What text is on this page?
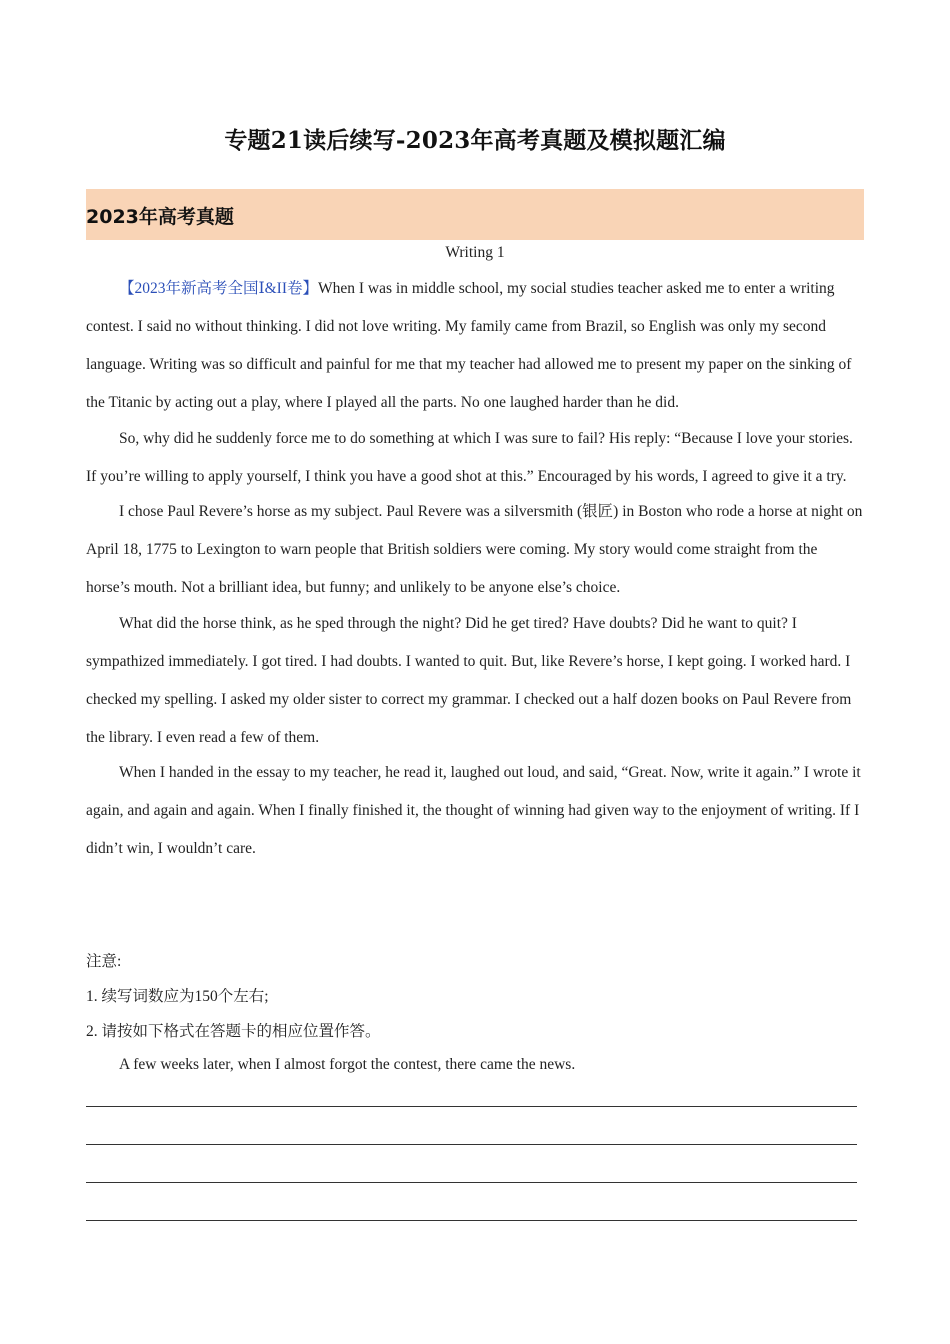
专题21读后续写-2023年高考真题及模拟题汇编
2023年高考真题
Writing 1

【2023年新高考全国Ⅰ&II卷】When I was in middle school, my social studies teacher asked me to enter a writing contest. I said no without thinking. I did not love writing. My family came from Brazil, so English was only my second language. Writing was so difficult and painful for me that my teacher had allowed me to present my paper on the sinking of the Titanic by acting out a play, where I played all the parts. No one laughed harder than he did.

So, why did he suddenly force me to do something at which I was sure to fail? His reply: “Because I love your stories. If you’re willing to apply yourself, I think you have a good shot at this.” Encouraged by his words, I agreed to give it a try.

I chose Paul Revere’s horse as my subject. Paul Revere was a silversmith (银匠) in Boston who rode a horse at night on April 18, 1775 to Lexington to warn people that British soldiers were coming. My story would come straight from the horse’s mouth. Not a brilliant idea, but funny; and unlikely to be anyone else’s choice.

What did the horse think, as he sped through the night? Did he get tired? Have doubts? Did he want to quit? I sympathized immediately. I got tired. I had doubts. I wanted to quit. But, like Revere’s horse, I kept going. I worked hard. I checked my spelling. I asked my older sister to correct my grammar. I checked out a half dozen books on Paul Revere from the library. I even read a few of them.

When I handed in the essay to my teacher, he read it, laughed out loud, and said, “Great. Now, write it again.” I wrote it again, and again and again. When I finally finished it, the thought of winning had given way to the enjoyment of writing. If I didn’t win, I wouldn’t care.

注意:
1. 续写词数应为150个左右;
2. 请按如下格式在答题卡的相应位置作答。
A few weeks later, when I almost forgot the contest, there came the news.
